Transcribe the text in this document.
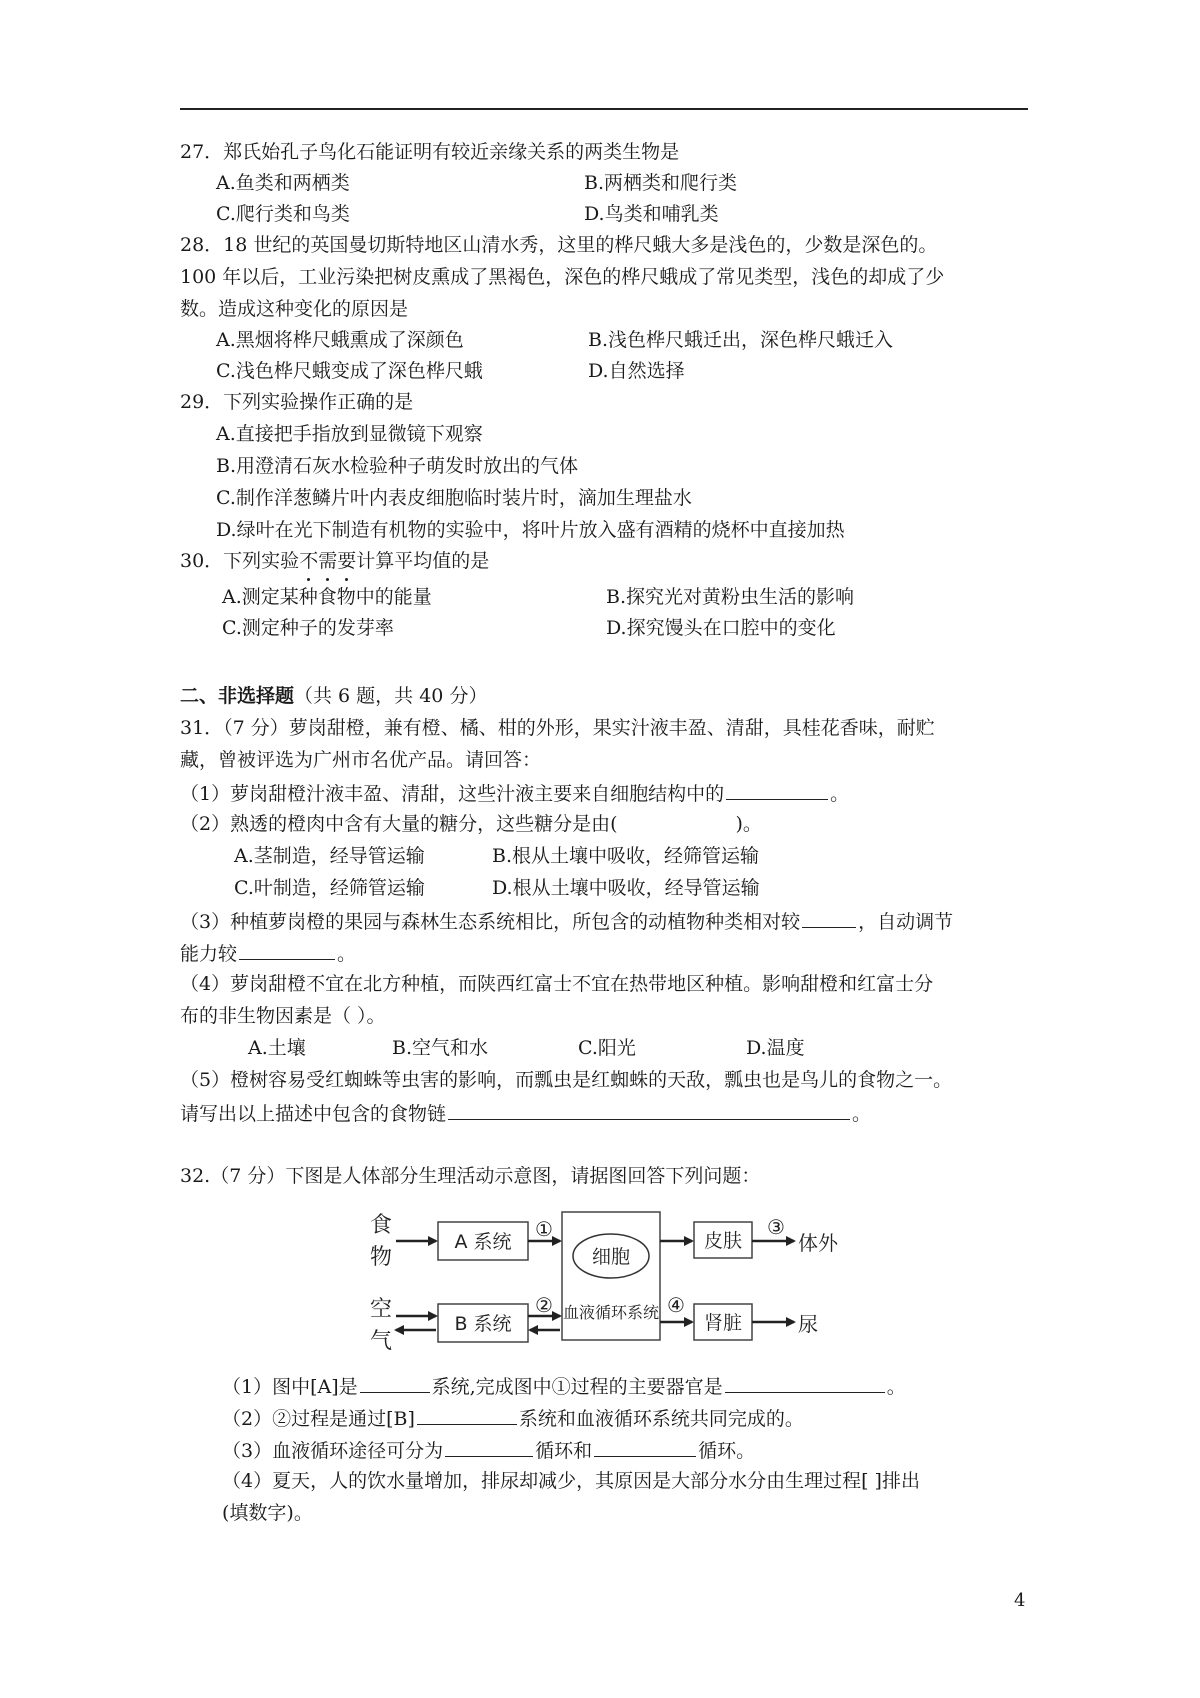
27．郑氏始孔子鸟化石能证明有较近亲缘关系的两类生物是
A.鱼类和两栖类	B.两栖类和爬行类
C.爬行类和鸟类	D.鸟类和哺乳类
28．18 世纪的英国曼切斯特地区山清水秀，这里的桦尺蛾大多是浅色的，少数是深色的。
100 年以后，工业污染把树皮熏成了黑褐色，深色的桦尺蛾成了常见类型，浅色的却成了少
数。造成这种变化的原因是
A.黑烟将桦尺蛾熏成了深颜色	B.浅色桦尺蛾迁出，深色桦尺蛾迁入
C.浅色桦尺蛾变成了深色桦尺蛾	D.自然选择
29．下列实验操作正确的是
A.直接把手指放到显微镜下观察
B.用澄清石灰水检验种子萌发时放出的气体
C.制作洋葱鳞片叶内表皮细胞临时装片时，滴加生理盐水
D.绿叶在光下制造有机物的实验中，将叶片放入盛有酒精的烧杯中直接加热
30．下列实验不需要计算平均值的是
A.测定某种食物中的能量	B.探究光对黄粉虫生活的影响
C.测定种子的发芽率	D.探究馒头在口腔中的变化
二、非选择题（共 6 题，共 40 分）
31．（7 分）萝岗甜橙，兼有橙、橘、柑的外形，果实汁液丰盈、清甜，具桂花香味，耐贮
藏，曾被评选为广州市名优产品。请回答：
（1）萝岗甜橙汁液丰盈、清甜，这些汁液主要来自细胞结构中的	。
（2）熟透的橙肉中含有大量的糖分，这些糖分是由(	)。
A.茎制造，经导管运输	B.根从土壤中吸收，经筛管运输
C.叶制造，经筛管运输	D.根从土壤中吸收，经导管运输
（3）种植萝岗橙的果园与森林生态系统相比，所包含的动植物种类相对较	，自动调节
能力较	。
（4）萝岗甜橙不宜在北方种植，而陕西红富士不宜在热带地区种植。影响甜橙和红富士分
布的非生物因素是（ ）。
A.土壤	B.空气和水	C.阳光	D.温度
（5）橙树容易受红蜘蛛等虫害的影响，而瓢虫是红蜘蛛的天敌，瓢虫也是鸟儿的食物之一。
请写出以上描述中包含的食物链	。
32.（7 分）下图是人体部分生理活动示意图，请据图回答下列问题：
食
物
空
气
A 系统
B 系统
细胞
血液循环系统
皮肤
肾脏
体外
尿
①
②
③
④
（1）图中[A]是	系统,完成图中①过程的主要器官是	。
（2）②过程是通过[B]	系统和血液循环系统共同完成的。
（3）血液循环途径可分为	循环和	循环。
（4）夏天，人的饮水量增加，排尿却减少，其原因是大部分水分由生理过程[ ]排出
(填数字)。
4
